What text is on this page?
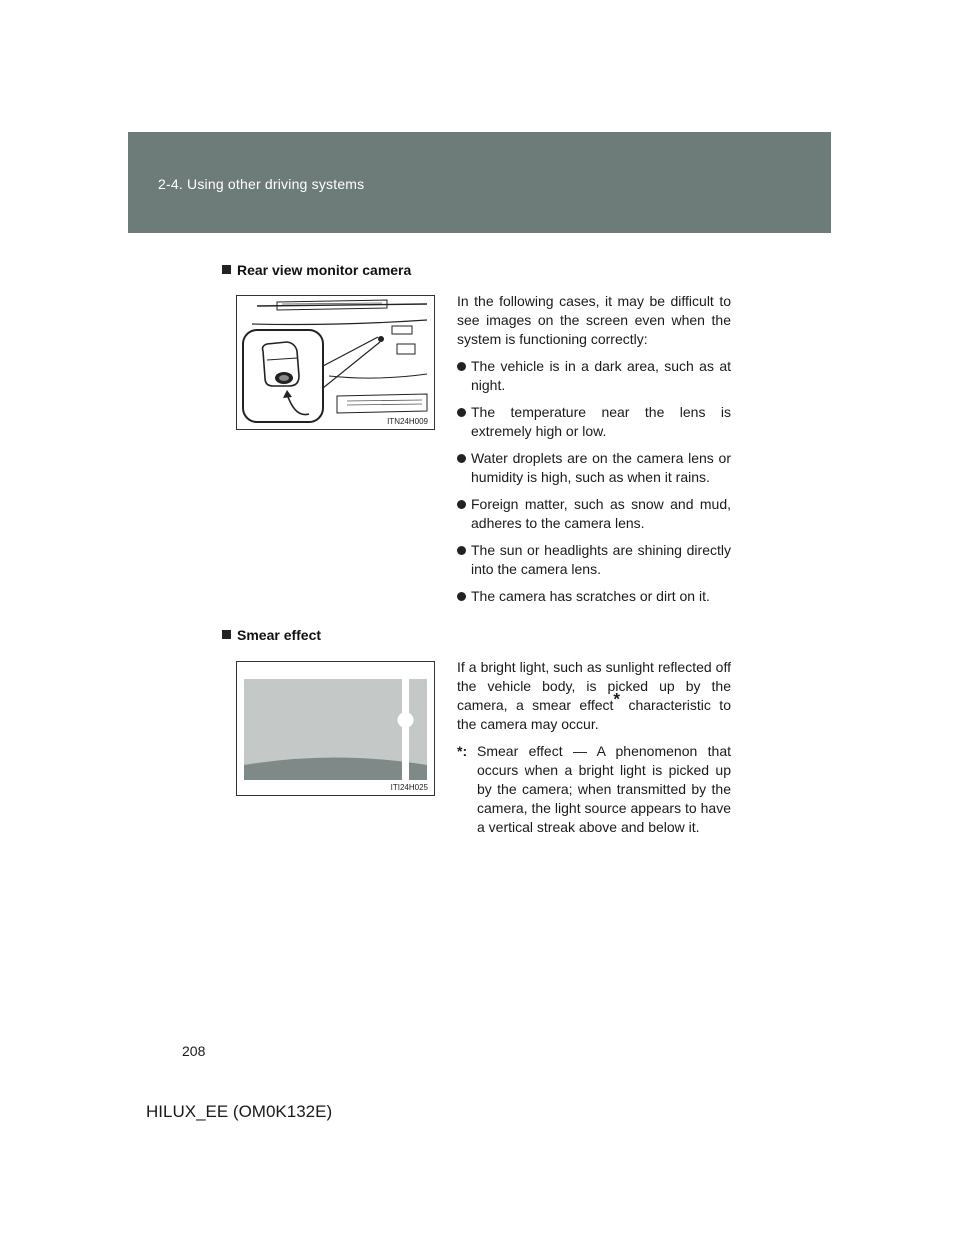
2-4. Using other driving systems
Rear view monitor camera
ITN24H009

In the following cases, it may be difficult to see images on the screen even when the system is functioning correctly:

The vehicle is in a dark area, such as at night.
The temperature near the lens is extremely high or low.
Water droplets are on the camera lens or humidity is high, such as when it rains.
Foreign matter, such as snow and mud, adheres to the camera lens.
The sun or headlights are shining directly into the camera lens.
The camera has scratches or dirt on it.
Smear effect
ITI24H025

If a bright light, such as sunlight reflected off the vehicle body, is picked up by the camera, a smear effect* characteristic to the camera may occur.

*: Smear effect — A phenomenon that occurs when a bright light is picked up by the camera; when transmitted by the camera, the light source appears to have a vertical streak above and below it.
208
HILUX_EE (OM0K132E)
